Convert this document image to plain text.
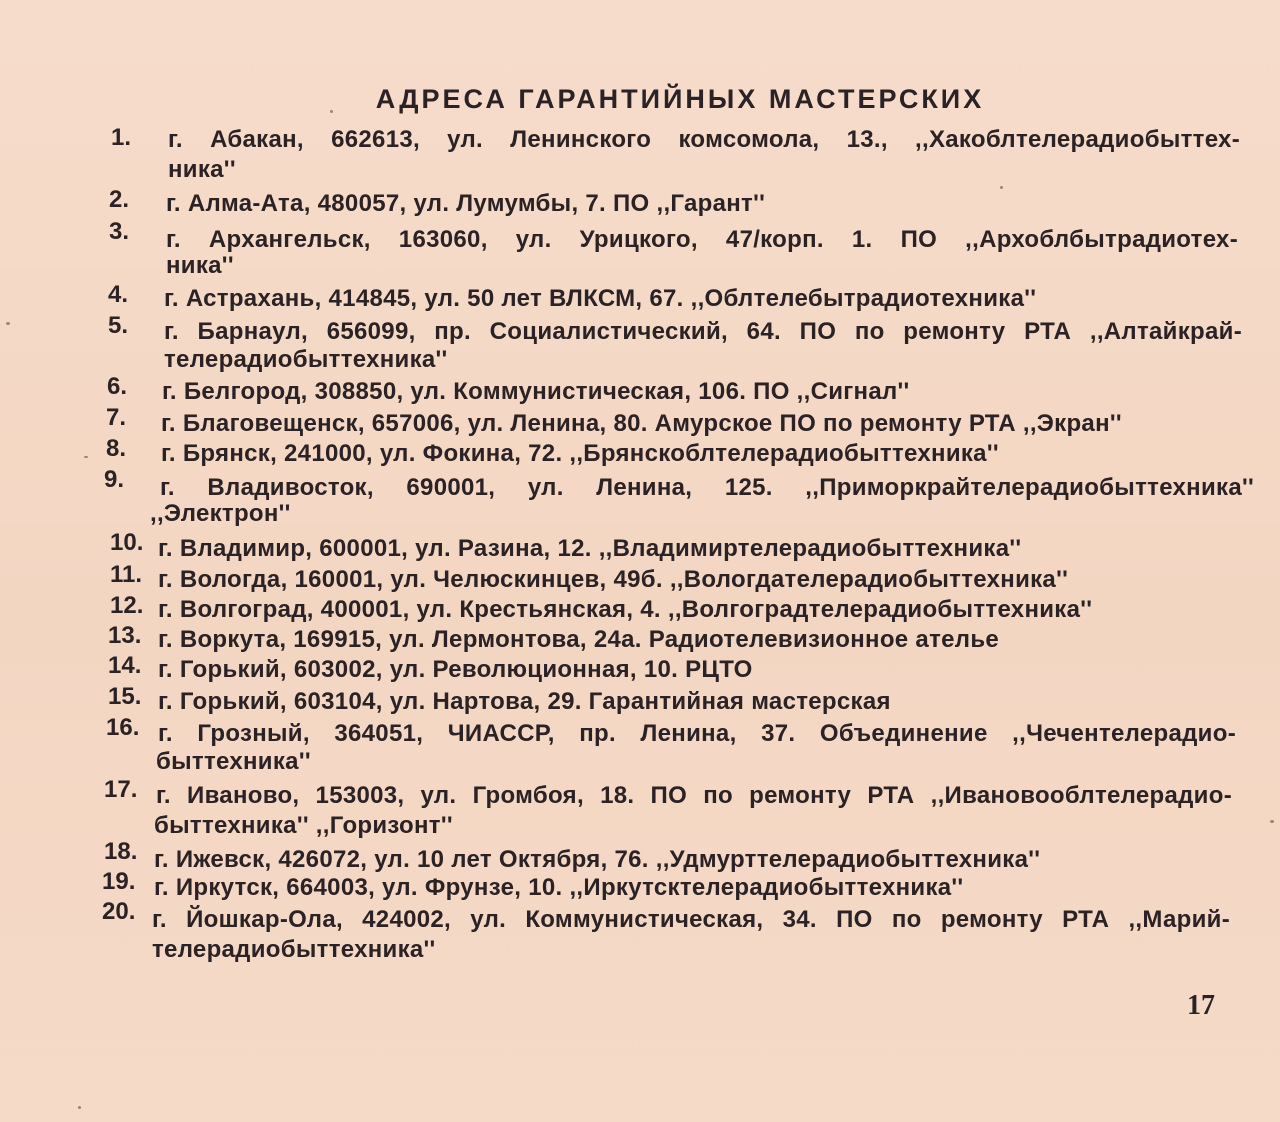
АДРЕСА ГАРАНТИЙНЫХ МАСТЕРСКИХ
1. г. Абакан, 662613, ул. Ленинского комсомола, 13., ,,Хакоблтелерадиобыттех-
ника''
2. г. Алма-Ата, 480057, ул. Лумумбы, 7. ПО ,,Гарант''
3. г. Архангельск, 163060, ул. Урицкого, 47/корп. 1. ПО ,,Архоблбытрадиотех-
ника''
4. г. Астрахань, 414845, ул. 50 лет ВЛКСМ, 67. ,,Облтелебытрадиотехника''
5. г. Барнаул, 656099, пр. Социалистический, 64. ПО по ремонту РТА ,,Алтайкрай-
телерадиобыттехника''
6. г. Белгород, 308850, ул. Коммунистическая, 106. ПО ,,Сигнал''
7. г. Благовещенск, 657006, ул. Ленина, 80. Амурское ПО по ремонту РТА ,,Экран''
8. г. Брянск, 241000, ул. Фокина, 72. ,,Брянскоблтелерадиобыттехника''
9. г. Владивосток, 690001, ул. Ленина, 125. ,,Приморкрайтелерадиобыттехника''
,,Электрон''
10. г. Владимир, 600001, ул. Разина, 12. ,,Владимиртелерадиобыттехника''
11. г. Вологда, 160001, ул. Челюскинцев, 49б. ,,Вологдателерадиобыттехника''
12. г. Волгоград, 400001, ул. Крестьянская, 4. ,,Волгоградтелерадиобыттехника''
13. г. Воркута, 169915, ул. Лермонтова, 24а. Радиотелевизионное ателье
14. г. Горький, 603002, ул. Революционная, 10. РЦТО
15. г. Горький, 603104, ул. Нартова, 29. Гарантийная мастерская
16. г. Грозный, 364051, ЧИАССР, пр. Ленина, 37. Объединение ,,Чечентелерадио-
быттехника''
17. г. Иваново, 153003, ул. Громбоя, 18. ПО по ремонту РТА ,,Ивановооблтелерадио-
быттехника'' ,,Горизонт''
18. г. Ижевск, 426072, ул. 10 лет Октября, 76. ,,Удмурттелерадиобыттехника''
19. г. Иркутск, 664003, ул. Фрунзе, 10. ,,Иркутсктелерадиобыттехника''
20. г. Йошкар-Ола, 424002, ул. Коммунистическая, 34. ПО по ремонту РТА ,,Марий-
телерадиобыттехника''
17
